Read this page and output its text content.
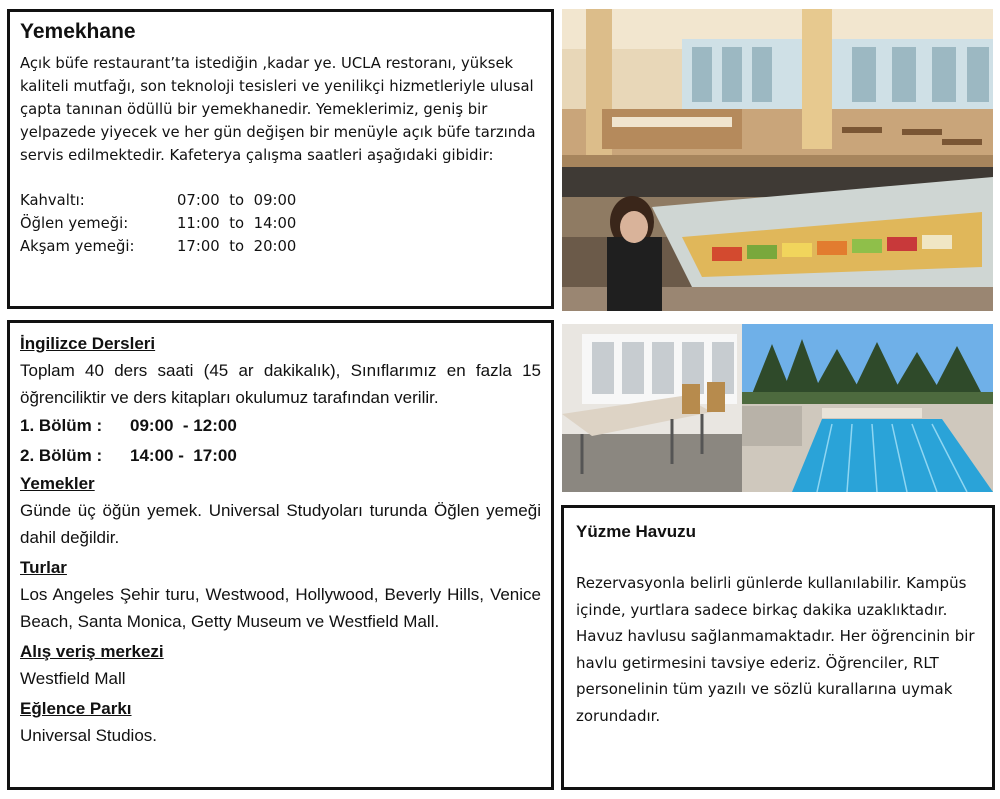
Yemekhane

Açık büfe restaurant’ta istediğin ,kadar ye. UCLA restoranı, yüksek kaliteli mutfağı, son teknoloji tesisleri ve yenilikçi hizmetleriyle ulusal çapta tanınan ödüllü bir yemekhanedir. Yemeklerimiz, geniş bir yelpazede yiyecek ve her gün değişen bir menüyle açık büfe tarzında servis edilmektedir. Kafeterya çalışma saatleri aşağıdaki gibidir:

Kahvaltı:	07:00 to 09:00
Öğlen yemeği:	11:00 to 14:00
Akşam yemeği:	17:00 to 20:00
İngilizce Dersleri
Toplam 40 ders saati (45 ar dakikalık), Sınıflarımız en fazla 15 öğrenciliktir ve ders kitapları okulumuz tarafından verilir.
1. Bölüm :	09:00  - 12:00
2. Bölüm :	14:00 -  17:00
Yemekler
Günde üç öğün yemek. Universal Studyoları turunda Öğlen yemeği dahil değildir.
Turlar
Los Angeles Şehir turu, Westwood, Hollywood, Beverly Hills, Venice Beach, Santa Monica, Getty Museum ve Westfield Mall.
Alış veriş merkezi
Westfield Mall
Eğlence Parkı
Universal Studios.
Yüzme Havuzu

Rezervasyonla belirli günlerde kullanılabilir. Kampüs içinde, yurtlara sadece birkaç dakika uzaklıktadır. Havuz havlusu sağlanmamaktadır. Her öğrencinin bir havlu getirmesini tavsiye ederiz. Öğrenciler, RLT personelinin tüm yazılı ve sözlü kurallarına uymak zorundadır.
